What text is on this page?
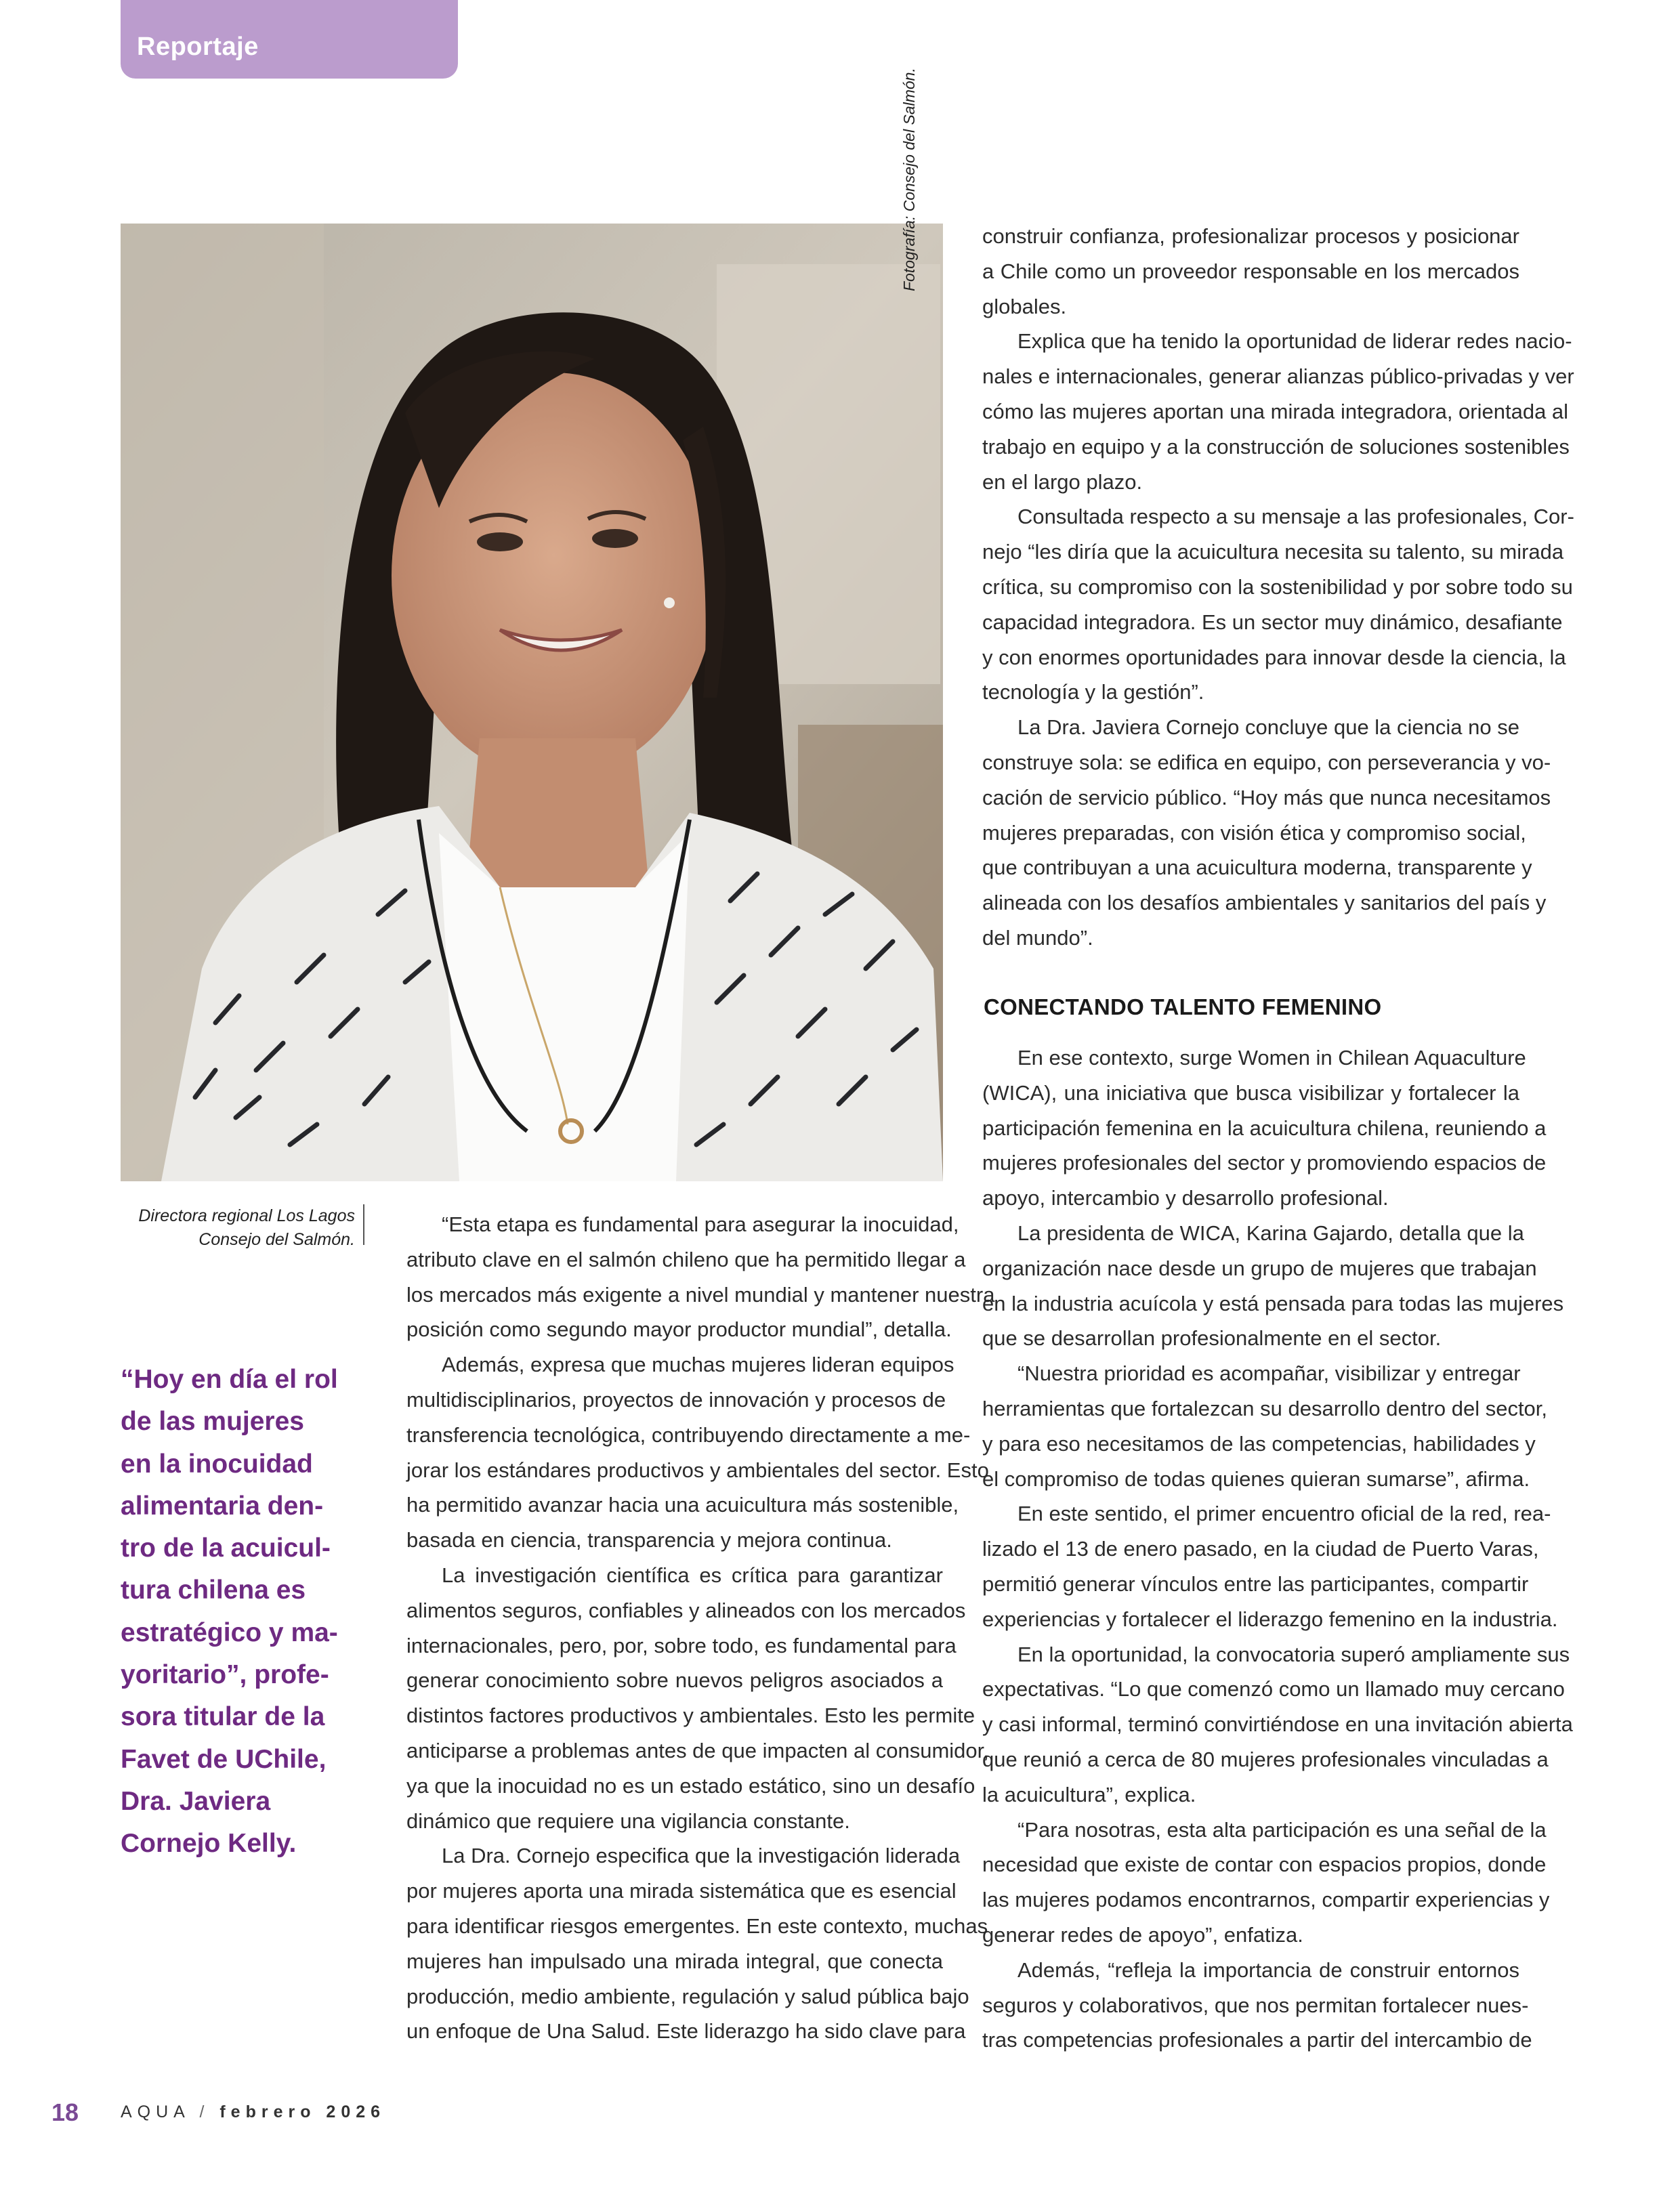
Reportaje
Fotografía: Consejo del Salmón.
Directora regional Los Lagos
Consejo del Salmón.
“Hoy en día el rol
de las mujeres
en la inocuidad
alimentaria den-
tro de la acuicul-
tura chilena es
estratégico y ma-
yoritario”, profe-
sora titular de la
Favet de UChile,
Dra. Javiera
Cornejo Kelly.
“Esta etapa es fundamental para asegurar la inocuidad,
atributo clave en el salmón chileno que ha permitido llegar a
los mercados más exigente a nivel mundial y mantener nuestra
posición como segundo mayor productor mundial”, detalla.
Además, expresa que muchas mujeres lideran equipos
multidisciplinarios, proyectos de innovación y procesos de
transferencia tecnológica, contribuyendo directamente a me-
jorar los estándares productivos y ambientales del sector. Esto
ha permitido avanzar hacia una acuicultura más sostenible,
basada en ciencia, transparencia y mejora continua.
La investigación científica es crítica para garantizar
alimentos seguros, confiables y alineados con los mercados
internacionales, pero, por, sobre todo, es fundamental para
generar conocimiento sobre nuevos peligros asociados a
distintos factores productivos y ambientales. Esto les permite
anticiparse a problemas antes de que impacten al consumidor,
ya que la inocuidad no es un estado estático, sino un desafío
dinámico que requiere una vigilancia constante.
La Dra. Cornejo especifica que la investigación liderada
por mujeres aporta una mirada sistemática que es esencial
para identificar riesgos emergentes. En este contexto, muchas
mujeres han impulsado una mirada integral, que conecta
producción, medio ambiente, regulación y salud pública bajo
un enfoque de Una Salud. Este liderazgo ha sido clave para
construir confianza, profesionalizar procesos y posicionar
a Chile como un proveedor responsable en los mercados
globales.
Explica que ha tenido la oportunidad de liderar redes nacio-
nales e internacionales, generar alianzas público-privadas y ver
cómo las mujeres aportan una mirada integradora, orientada al
trabajo en equipo y a la construcción de soluciones sostenibles
en el largo plazo.
Consultada respecto a su mensaje a las profesionales, Cor-
nejo “les diría que la acuicultura necesita su talento, su mirada
crítica, su compromiso con la sostenibilidad y por sobre todo su
capacidad integradora. Es un sector muy dinámico, desafiante
y con enormes oportunidades para innovar desde la ciencia, la
tecnología y la gestión”.
La Dra. Javiera Cornejo concluye que la ciencia no se
construye sola: se edifica en equipo, con perseverancia y vo-
cación de servicio público. “Hoy más que nunca necesitamos
mujeres preparadas, con visión ética y compromiso social,
que contribuyan a una acuicultura moderna, transparente y
alineada con los desafíos ambientales y sanitarios del país y
del mundo”.
CONECTANDO TALENTO FEMENINO
En ese contexto, surge Women in Chilean Aquaculture
(WICA), una iniciativa que busca visibilizar y fortalecer la
participación femenina en la acuicultura chilena, reuniendo a
mujeres profesionales del sector y promoviendo espacios de
apoyo, intercambio y desarrollo profesional.
La presidenta de WICA, Karina Gajardo, detalla que la
organización nace desde un grupo de mujeres que trabajan
en la industria acuícola y está pensada para todas las mujeres
que se desarrollan profesionalmente en el sector.
“Nuestra prioridad es acompañar, visibilizar y entregar
herramientas que fortalezcan su desarrollo dentro del sector,
y para eso necesitamos de las competencias, habilidades y
el compromiso de todas quienes quieran sumarse”, afirma.
En este sentido, el primer encuentro oficial de la red, rea-
lizado el 13 de enero pasado, en la ciudad de Puerto Varas,
permitió generar vínculos entre las participantes, compartir
experiencias y fortalecer el liderazgo femenino en la industria.
En la oportunidad, la convocatoria superó ampliamente sus
expectativas. “Lo que comenzó como un llamado muy cercano
y casi informal, terminó convirtiéndose en una invitación abierta
que reunió a cerca de 80 mujeres profesionales vinculadas a
la acuicultura”, explica.
“Para nosotras, esta alta participación es una señal de la
necesidad que existe de contar con espacios propios, donde
las mujeres podamos encontrarnos, compartir experiencias y
generar redes de apoyo”, enfatiza.
Además, “refleja la importancia de construir entornos
seguros y colaborativos, que nos permitan fortalecer nues-
tras competencias profesionales a partir del intercambio de
18 AQUA / febrero 2026
